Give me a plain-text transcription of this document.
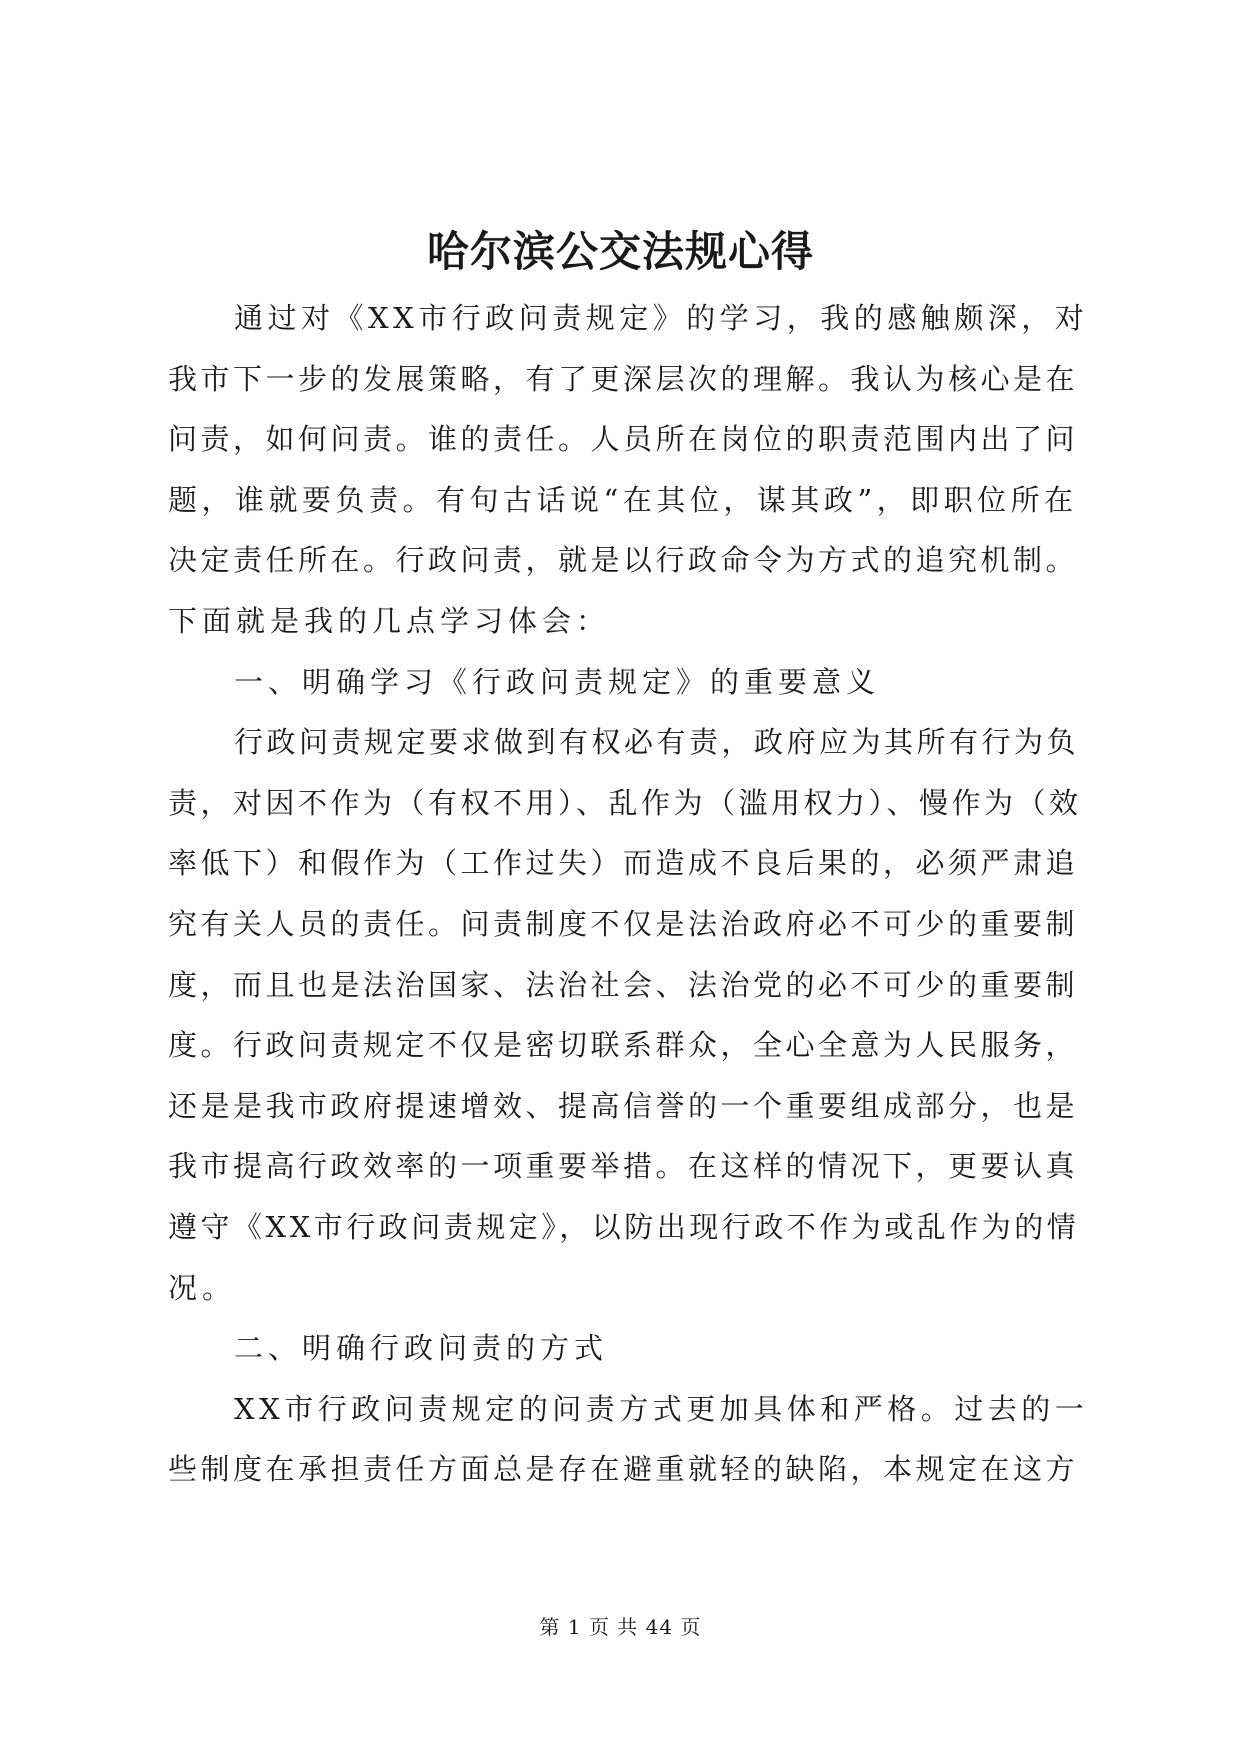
哈尔滨公交法规心得
通过对《XX市行政问责规定》的学习，我的感触颇深，对
我市下一步的发展策略，有了更深层次的理解。我认为核心是在
问责，如何问责。谁的责任。人员所在岗位的职责范围内出了问
题，谁就要负责。有句古话说“在其位，谋其政”，即职位所在
决定责任所在。行政问责，就是以行政命令为方式的追究机制。
下面就是我的几点学习体会：
一、明确学习《行政问责规定》的重要意义
行政问责规定要求做到有权必有责，政府应为其所有行为负
责，对因不作为（有权不用）、乱作为（滥用权力）、慢作为（效
率低下）和假作为（工作过失）而造成不良后果的，必须严肃追
究有关人员的责任。问责制度不仅是法治政府必不可少的重要制
度，而且也是法治国家、法治社会、法治党的必不可少的重要制
度。行政问责规定不仅是密切联系群众，全心全意为人民服务，
还是是我市政府提速增效、提高信誉的一个重要组成部分，也是
我市提高行政效率的一项重要举措。在这样的情况下，更要认真
遵守《XX市行政问责规定》，以防出现行政不作为或乱作为的情
况。
二、明确行政问责的方式
XX市行政问责规定的问责方式更加具体和严格。过去的一
些制度在承担责任方面总是存在避重就轻的缺陷，本规定在这方
第 1 页 共 44 页
